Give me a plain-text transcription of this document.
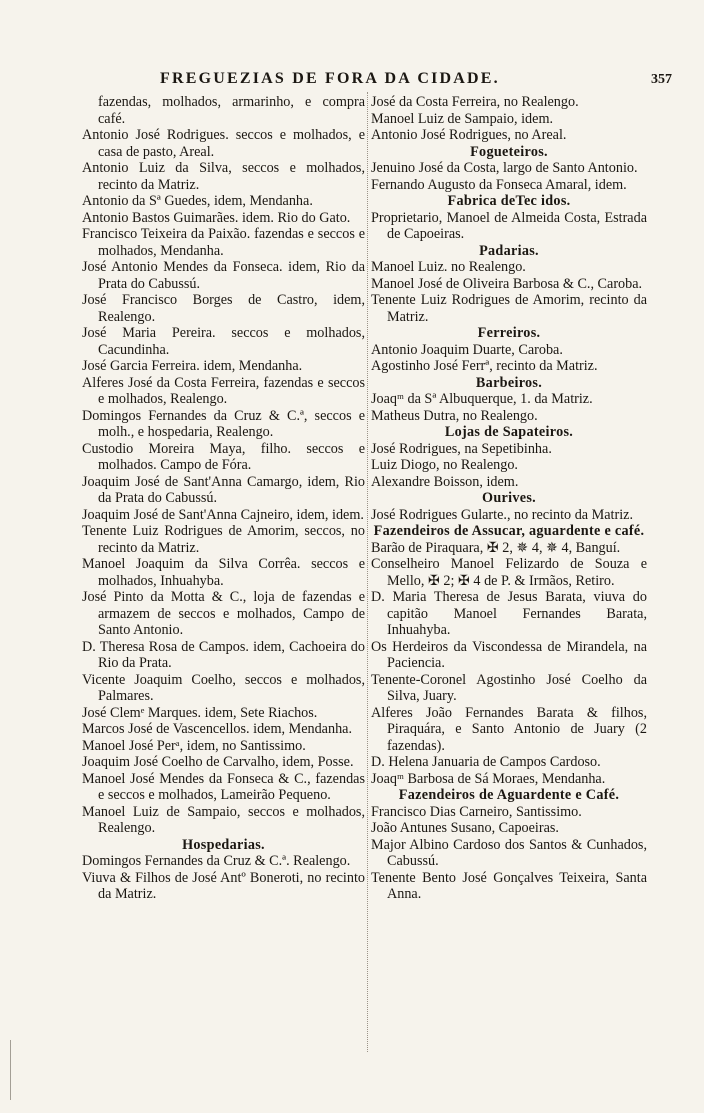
FREGUEZIAS DE FORA DA CIDADE.	357

fazendas, molhados, armarinho, e compra café.

Antonio José Rodrigues. seccos e molhados, e casa de pasto, Areal.

Antonio Luiz da Silva, seccos e molhados, recinto da Matriz.

Antonio da Sª Guedes, idem, Mendanha.

Antonio Bastos Guimarães. idem. Rio do Gato.

Francisco Teixeira da Paixão. fazendas e seccos e molhados, Mendanha.

José Antonio Mendes da Fonseca. idem, Rio da Prata do Cabussú.

José Francisco Borges de Castro, idem, Realengo.

José Maria Pereira. seccos e molhados, Cacundinha.

José Garcia Ferreira. idem, Mendanha.

Alferes José da Costa Ferreira, fazendas e seccos e molhados, Realengo.

Domingos Fernandes da Cruz & C.ª, seccos e molh., e hospedaria, Realengo.

Custodio Moreira Maya, filho. seccos e molhados. Campo de Fóra.

Joaquim José de Sant'Anna Camargo, idem, Rio da Prata do Cabussú.

Joaquim José de Sant'Anna Cajneiro, idem, idem.

Tenente Luiz Rodrigues de Amorim, seccos, no recinto da Matriz.

Manoel Joaquim da Silva Corrêa. seccos e molhados, Inhuahyba.

José Pinto da Motta & C., loja de fazendas e armazem de seccos e molhados, Campo de Santo Antonio.

D. Theresa Rosa de Campos. idem, Cachoeira do Rio da Prata.

Vicente Joaquim Coelho, seccos e molhados, Palmares.

José Clemᵉ Marques. idem, Sete Riachos.

Marcos José de Vascencellos. idem, Mendanha.

Manoel José Perᵃ, idem, no Santissimo.

Joaquim José Coelho de Carvalho, idem, Posse.

Manoel José Mendes da Fonseca & C., fazendas e seccos e molhados, Lameirão Pequeno.

Manoel Luiz de Sampaio, seccos e molhados, Realengo.

Hospedarias.

Domingos Fernandes da Cruz & C.ª. Realengo.

Viuva & Filhos de José Antº Boneroti, no recinto da Matriz.

José da Costa Ferreira, no Realengo.

Manoel Luiz de Sampaio, idem.

Antonio José Rodrigues, no Areal.

Fogueteiros.

Jenuino José da Costa, largo de Santo Antonio.

Fernando Augusto da Fonseca Amaral, idem.

Fabrica deTec idos.

Proprietario, Manoel de Almeida Costa, Estrada de Capoeiras.

Padarias.

Manoel Luiz. no Realengo.

Manoel José de Oliveira Barbosa & C., Caroba.

Tenente Luiz Rodrigues de Amorim, recinto da Matriz.

Ferreiros.

Antonio Joaquim Duarte, Caroba.

Agostinho José Ferrª, recinto da Matriz.

Barbeiros.

Joaqᵐ da Sª Albuquerque, 1. da Matriz.

Matheus Dutra, no Realengo.

Lojas de Sapateiros.

José Rodrigues, na Sepetibinha.

Luiz Diogo, no Realengo.

Alexandre Boisson, idem.

Ourives.

José Rodrigues Gularte., no recinto da Matriz.

Fazendeiros de Assucar, aguardente e café.

Barão de Piraquara, ✠ 2, ✵ 4, ✵ 4, Banguí.

Conselheiro Manoel Felizardo de Souza e Mello, ✠ 2; ✠ 4 de P. & Irmãos, Retiro.

D. Maria Theresa de Jesus Barata, viuva do capitão Manoel Fernandes Barata, Inhuahyba.

Os Herdeiros da Viscondessa de Mirandela, na Paciencia.

Tenente-Coronel Agostinho José Coelho da Silva, Juary.

Alferes João Fernandes Barata & filhos, Piraquára, e Santo Antonio de Juary (2 fazendas).

D. Helena Januaria de Campos Cardoso.

Joaqᵐ Barbosa de Sá Moraes, Mendanha.

Fazendeiros de Aguardente e Café.

Francisco Dias Carneiro, Santissimo.

João Antunes Susano, Capoeiras.

Major Albino Cardoso dos Santos & Cunhados, Cabussú.

Tenente Bento José Gonçalves Teixeira, Santa Anna.
